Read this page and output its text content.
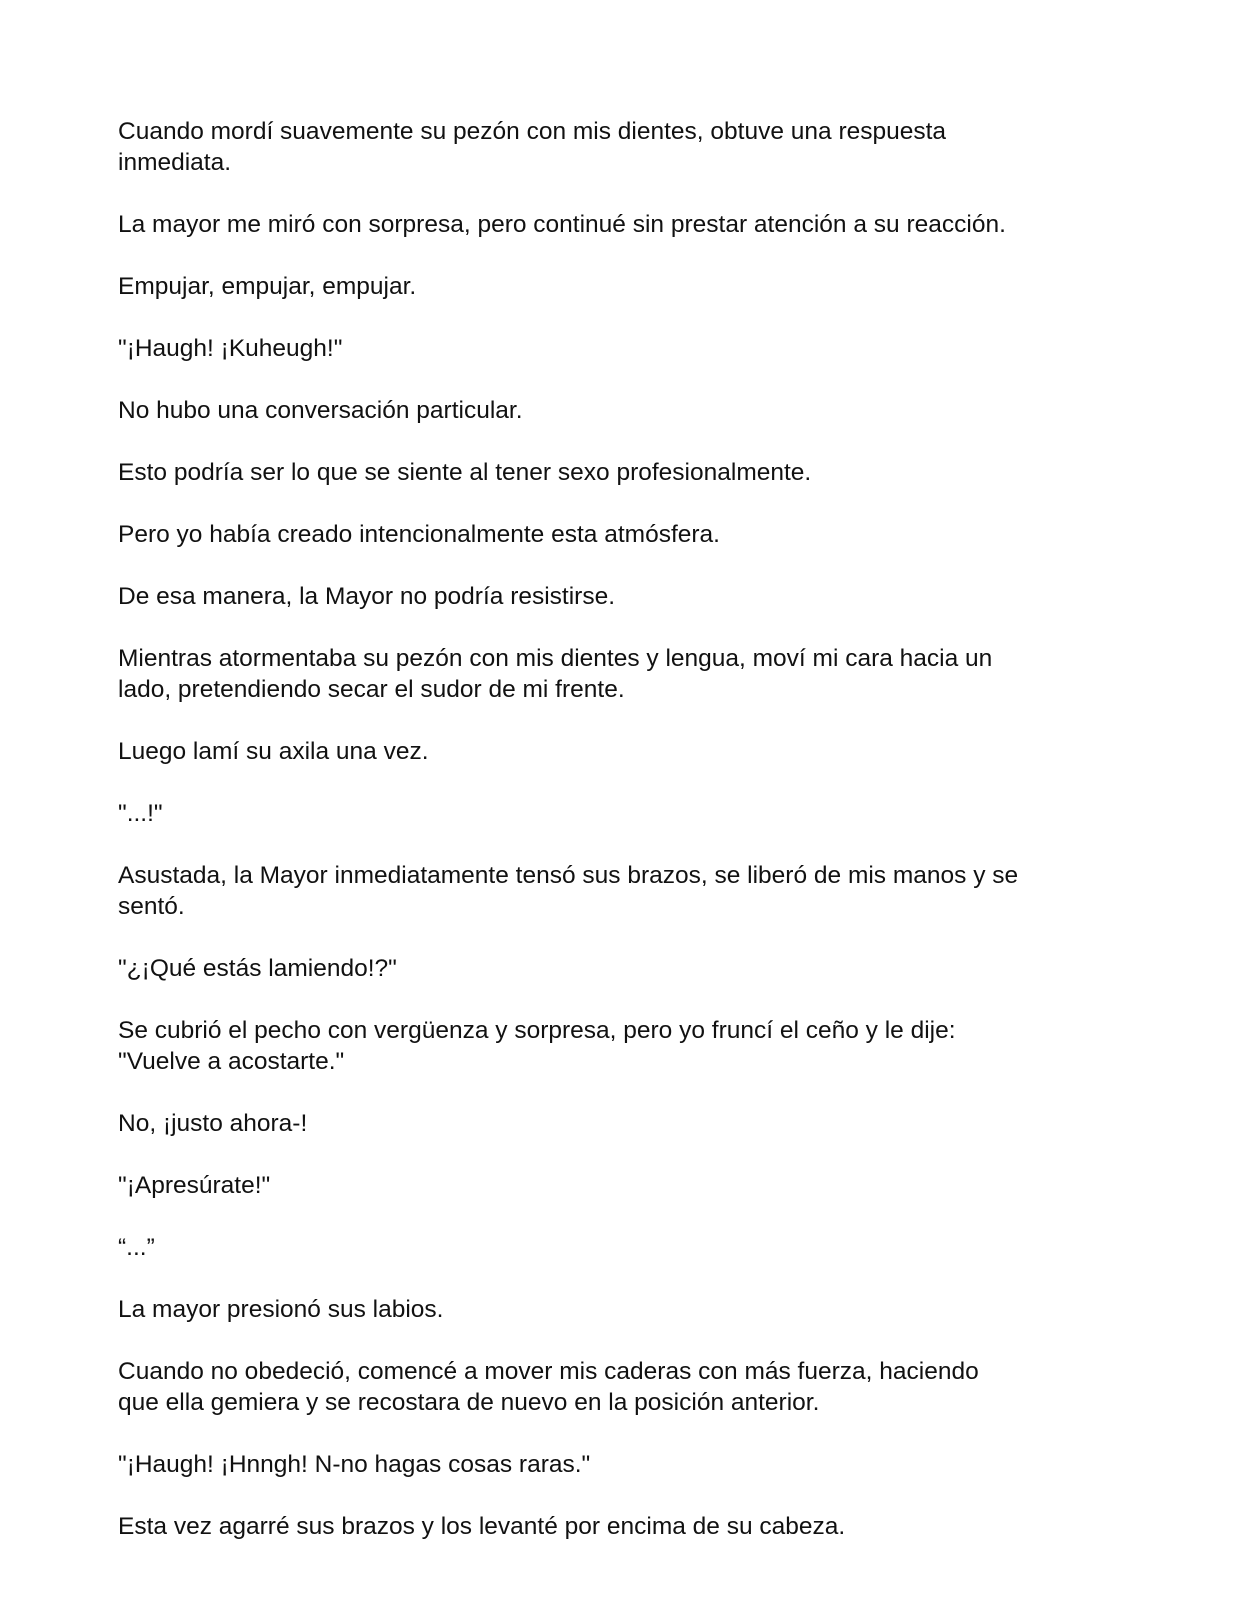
Cuando mordí suavemente su pezón con mis dientes, obtuve una respuesta
inmediata.

La mayor me miró con sorpresa, pero continué sin prestar atención a su reacción.

Empujar, empujar, empujar.

"¡Haugh! ¡Kuheugh!"

No hubo una conversación particular.

Esto podría ser lo que se siente al tener sexo profesionalmente.

Pero yo había creado intencionalmente esta atmósfera.

De esa manera, la Mayor no podría resistirse.

Mientras atormentaba su pezón con mis dientes y lengua, moví mi cara hacia un
lado, pretendiendo secar el sudor de mi frente.

Luego lamí su axila una vez.

"...!"

Asustada, la Mayor inmediatamente tensó sus brazos, se liberó de mis manos y se
sentó.

"¿¡Qué estás lamiendo!?"

Se cubrió el pecho con vergüenza y sorpresa, pero yo fruncí el ceño y le dije:
"Vuelve a acostarte."

No, ¡justo ahora-!

"¡Apresúrate!"

“...”

La mayor presionó sus labios.

Cuando no obedeció, comencé a mover mis caderas con más fuerza, haciendo
que ella gemiera y se recostara de nuevo en la posición anterior.

"¡Haugh! ¡Hnngh! N-no hagas cosas raras."

Esta vez agarré sus brazos y los levanté por encima de su cabeza.
